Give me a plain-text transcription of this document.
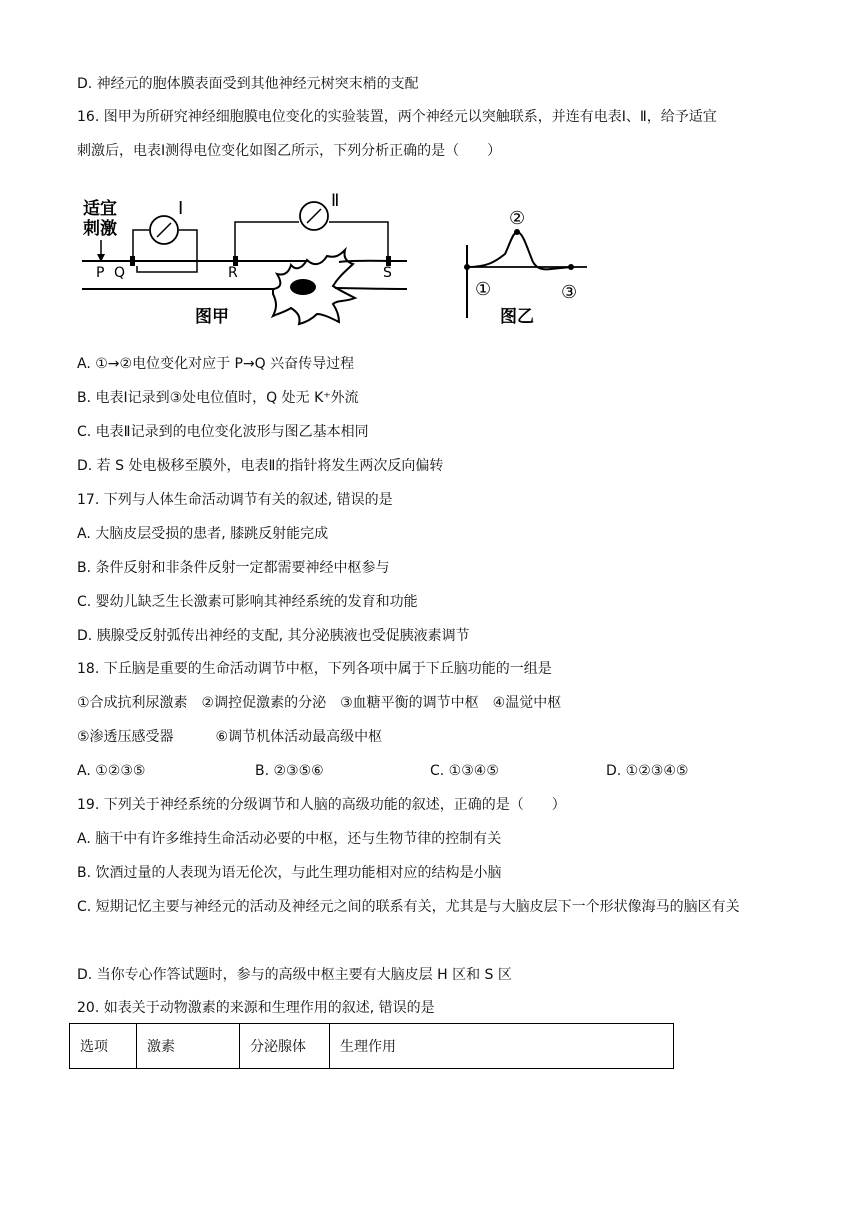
D. 神经元的胞体膜表面受到其他神经元树突末梢的支配
16. 图甲为所研究神经细胞膜电位变化的实验装置，两个神经元以突触联系，并连有电表Ⅰ、Ⅱ，给予适宜
刺激后，电表Ⅰ测得电位变化如图乙所示，下列分析正确的是（　　）
适宜
刺激
Ⅰ	Ⅱ
P Q	R	S
图甲
①
②
③
图乙
A. ①→②电位变化对应于 P→Q 兴奋传导过程
B. 电表Ⅰ记录到③处电位值时，Q 处无 K⁺外流
C. 电表Ⅱ记录到的电位变化波形与图乙基本相同
D. 若 S 处电极移至膜外，电表Ⅱ的指针将发生两次反向偏转
17. 下列与人体生命活动调节有关的叙述, 错误的是
A. 大脑皮层受损的患者, 膝跳反射能完成
B. 条件反射和非条件反射一定都需要神经中枢参与
C. 婴幼儿缺乏生长激素可影响其神经系统的发育和功能
D. 胰腺受反射弧传出神经的支配, 其分泌胰液也受促胰液素调节
18. 下丘脑是重要的生命活动调节中枢，下列各项中属于下丘脑功能的一组是
①合成抗利尿激素　②调控促激素的分泌　③血糖平衡的调节中枢　④温觉中枢
⑤渗透压感受器　　　⑥调节机体活动最高级中枢
A. ①②③⑤	B. ②③⑤⑥	C. ①③④⑤	D. ①②③④⑤
19. 下列关于神经系统的分级调节和人脑的高级功能的叙述，正确的是（　　）
A. 脑干中有许多维持生命活动必要的中枢，还与生物节律的控制有关
B. 饮酒过量的人表现为语无伦次，与此生理功能相对应的结构是小脑
C. 短期记忆主要与神经元的活动及神经元之间的联系有关，尤其是与大脑皮层下一个形状像海马的脑区有关
D. 当你专心作答试题时，参与的高级中枢主要有大脑皮层 H 区和 S 区
20. 如表关于动物激素的来源和生理作用的叙述, 错误的是
选项	激素	分泌腺体	生理作用
